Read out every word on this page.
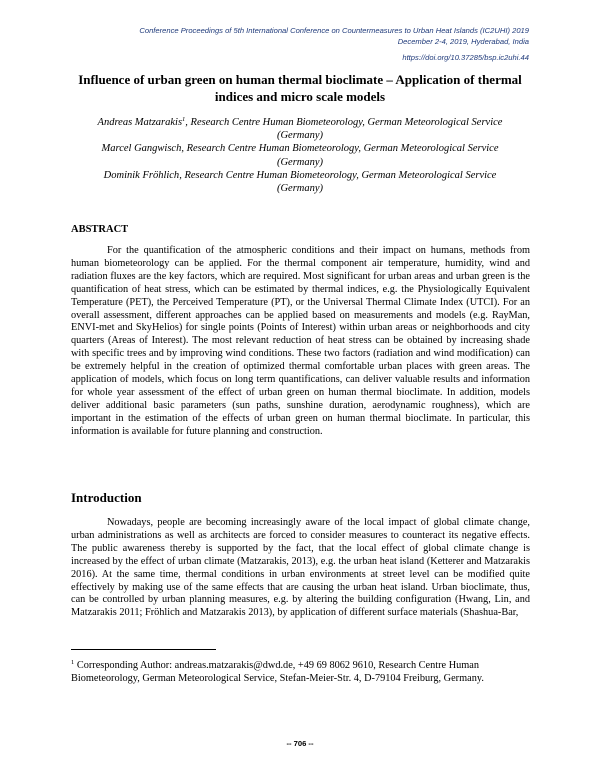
Conference Proceedings of 5th International Conference on Countermeasures to Urban Heat Islands (IC2UHI) 2019
December 2-4, 2019, Hyderabad, India
https://doi.org/10.37285/bsp.ic2uhi.44
Influence of urban green on human thermal bioclimate – Application of thermal indices and micro scale models

Andreas Matzarakis$^1$, Research Centre Human Biometeorology, German Meteorological Service
(Germany)

Marcel Gangwisch, Research Centre Human Biometeorology, German Meteorological Service
(Germany)

Dominik Fröhlich, Research Centre Human Biometeorology, German Meteorological Service
(Germany)

ABSTRACT

For the quantification of the atmospheric conditions and their impact on humans, methods from human biometeorology can be applied. For the thermal component air temperature, humidity, wind and radiation fluxes are the key factors, which are required. Most significant for urban areas and urban green is the quantification of heat stress, which can be estimated by thermal indices, e.g. the Physiologically Equivalent Temperature (PET), the Perceived Temperature (PT), or the Universal Thermal Climate Index (UTCI). For an overall assessment, different approaches can be applied based on measurements and models (e.g. RayMan, ENVI-met and SkyHelios) for single points (Points of Interest) within urban areas or neighborhoods and city quarters (Areas of Interest). The most relevant reduction of heat stress can be obtained by increasing shade with specific trees and by improving wind conditions. These two factors (radiation and wind modification) can be extremely helpful in the creation of optimized thermal comfortable urban places with green areas. The application of models, which focus on long term quantifications, can deliver valuable results and information for whole year assessment of the effect of urban green on human thermal bioclimate. In addition, models deliver additional basic parameters (sun paths, sunshine duration, aerodynamic roughness), which are important in the estimation of the effects of urban green on human thermal bioclimate. In particular, this information is available for future planning and construction.

Introduction

Nowadays, people are becoming increasingly aware of the local impact of global climate change, urban administrations as well as architects are forced to consider measures to counteract its negative effects. The public awareness thereby is supported by the fact, that the local effect of global climate change is increased by the effect of urban climate (Matzarakis, 2013), e.g. the urban heat island (Ketterer and Matzarakis 2016). At the same time, thermal conditions in urban environments at street level can be modified quite effectively by making use of the same effects that are causing the urban heat island. Urban bioclimate, thus, can be controlled by urban planning measures, e.g. by altering the building configuration (Hwang, Lin, and Matzarakis 2011; Fröhlich and Matzarakis 2013), by application of different surface materials (Shashua-Bar,

$^1$ Corresponding Author: andreas.matzarakis@dwd.de, +49 69 8062 9610, Research Centre Human Biometeorology, German Meteorological Service, Stefan-Meier-Str. 4, D-79104 Freiburg, Germany.

-- 706 --
